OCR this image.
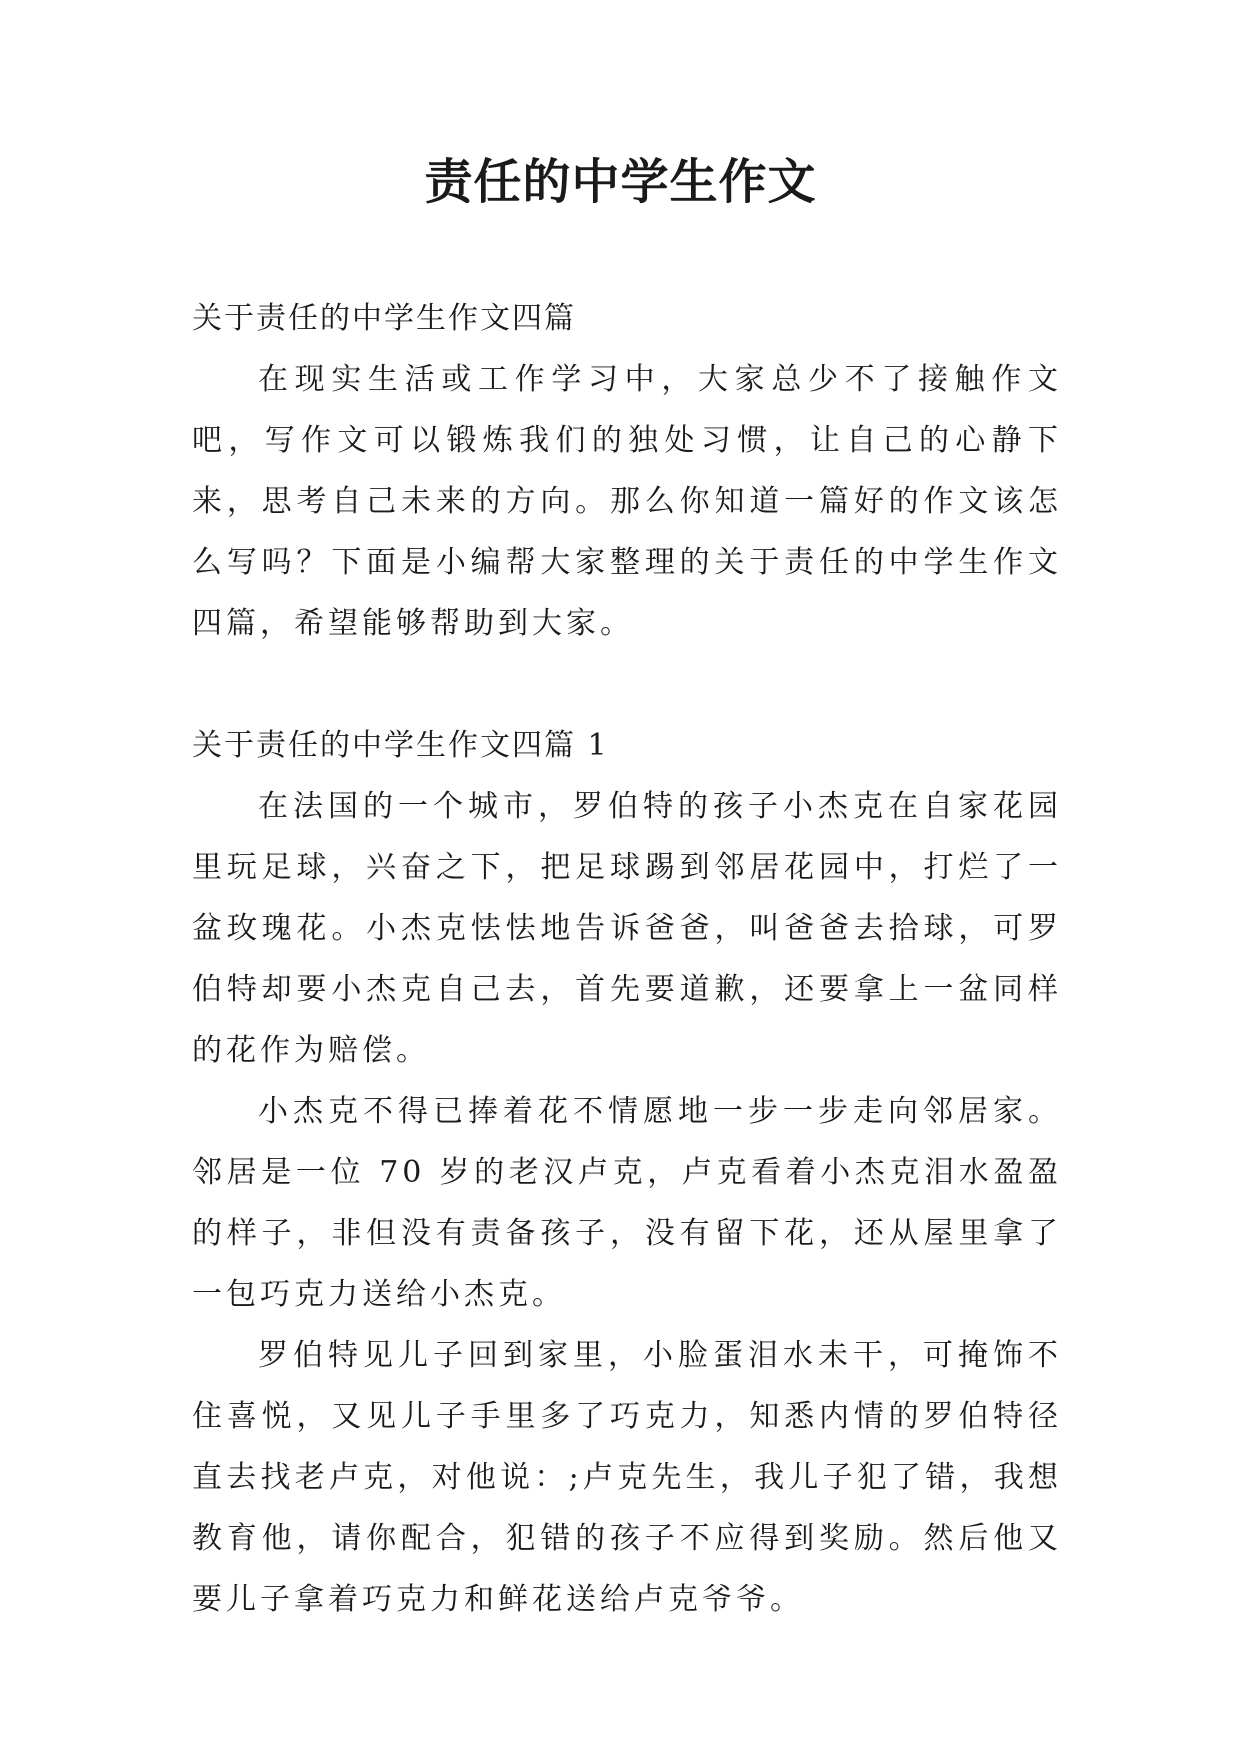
责任的中学生作文

关于责任的中学生作文四篇

在现实生活或工作学习中，大家总少不了接触作文吧，写作文可以锻炼我们的独处习惯，让自己的心静下来，思考自己未来的方向。那么你知道一篇好的作文该怎么写吗？下面是小编帮大家整理的关于责任的中学生作文四篇，希望能够帮助到大家。

关于责任的中学生作文四篇 1

在法国的一个城市，罗伯特的孩子小杰克在自家花园里玩足球，兴奋之下，把足球踢到邻居花园中，打烂了一盆玫瑰花。小杰克怯怯地告诉爸爸，叫爸爸去拾球，可罗伯特却要小杰克自己去，首先要道歉，还要拿上一盆同样的花作为赔偿。

小杰克不得已捧着花不情愿地一步一步走向邻居家。邻居是一位 70 岁的老汉卢克，卢克看着小杰克泪水盈盈的样子，非但没有责备孩子，没有留下花，还从屋里拿了一包巧克力送给小杰克。

罗伯特见儿子回到家里，小脸蛋泪水未干，可掩饰不住喜悦，又见儿子手里多了巧克力，知悉内情的罗伯特径直去找老卢克，对他说：;卢克先生，我儿子犯了错，我想教育他，请你配合，犯错的孩子不应得到奖励。然后他又要儿子拿着巧克力和鲜花送给卢克爷爷。
